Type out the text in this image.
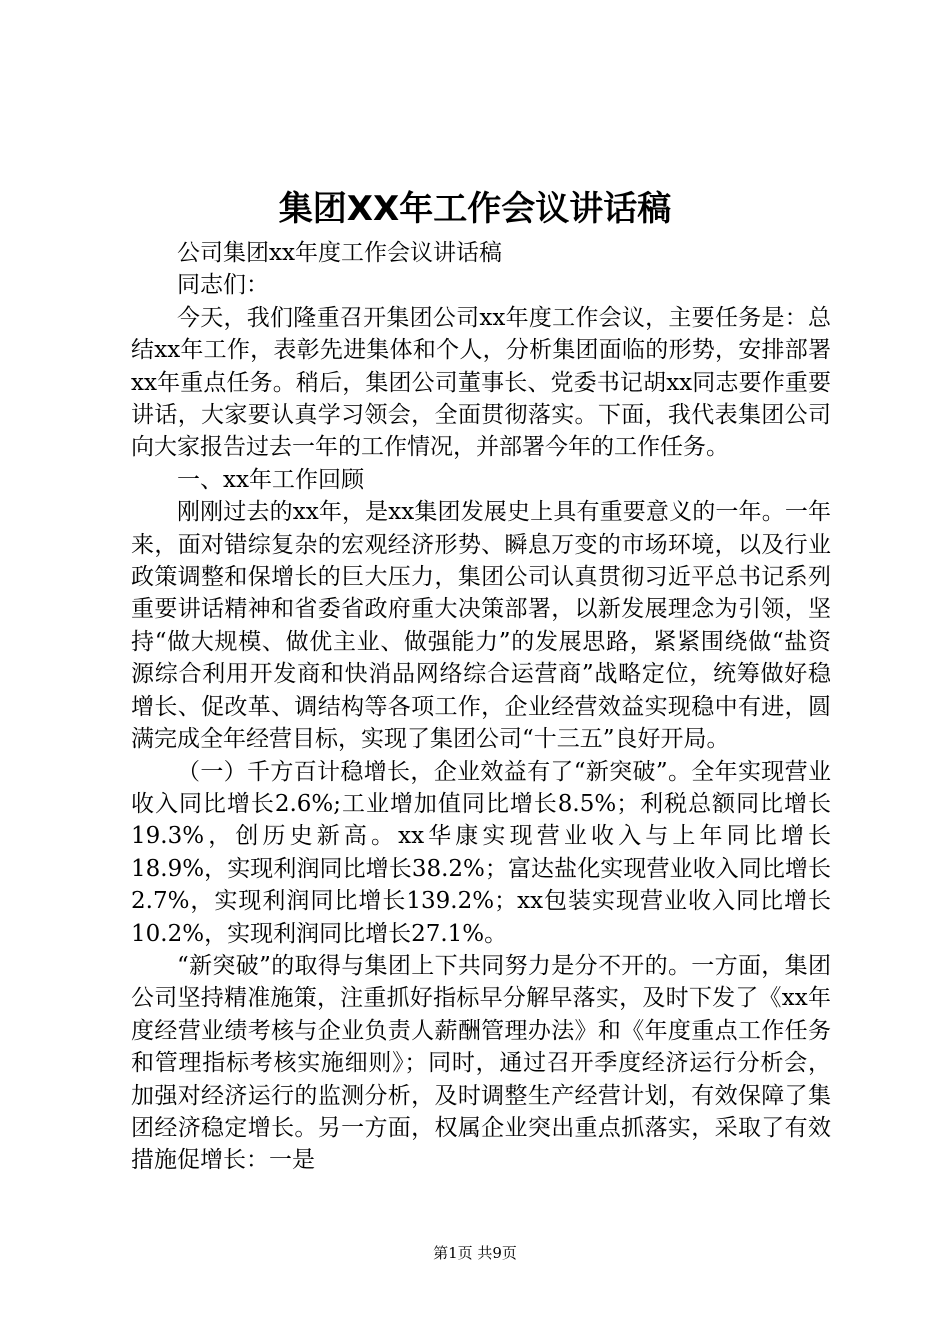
集团XX年工作会议讲话稿

公司集团xx年度工作会议讲话稿

同志们：

今天，我们隆重召开集团公司xx年度工作会议，主要任务是：总结xx年工作，表彰先进集体和个人，分析集团面临的形势，安排部署xx年重点任务。稍后，集团公司董事长、党委书记胡xx同志要作重要讲话，大家要认真学习领会，全面贯彻落实。下面，我代表集团公司向大家报告过去一年的工作情况，并部署今年的工作任务。

一、xx年工作回顾

刚刚过去的xx年，是xx集团发展史上具有重要意义的一年。一年来，面对错综复杂的宏观经济形势、瞬息万变的市场环境，以及行业政策调整和保增长的巨大压力，集团公司认真贯彻习近平总书记系列重要讲话精神和省委省政府重大决策部署，以新发展理念为引领，坚持“做大规模、做优主业、做强能力”的发展思路，紧紧围绕做“盐资源综合利用开发商和快消品网络综合运营商”战略定位，统筹做好稳增长、促改革、调结构等各项工作，企业经营效益实现稳中有进，圆满完成全年经营目标，实现了集团公司“十三五”良好开局。

（一）千方百计稳增长，企业效益有了“新突破”。全年实现营业收入同比增长2.6%;工业增加值同比增长8.5%；利税总额同比增长19.3%，创历史新高。xx华康实现营业收入与上年同比增长18.9%，实现利润同比增长38.2%；富达盐化实现营业收入同比增长2.7%，实现利润同比增长139.2%；xx包装实现营业收入同比增长10.2%，实现利润同比增长27.1%。

“新突破”的取得与集团上下共同努力是分不开的。一方面，集团公司坚持精准施策，注重抓好指标早分解早落实，及时下发了《xx年度经营业绩考核与企业负责人薪酬管理办法》和《年度重点工作任务和管理指标考核实施细则》；同时，通过召开季度经济运行分析会，加强对经济运行的监测分析，及时调整生产经营计划，有效保障了集团经济稳定增长。另一方面，权属企业突出重点抓落实，采取了有效措施促增长：一是

第1页 共9页
